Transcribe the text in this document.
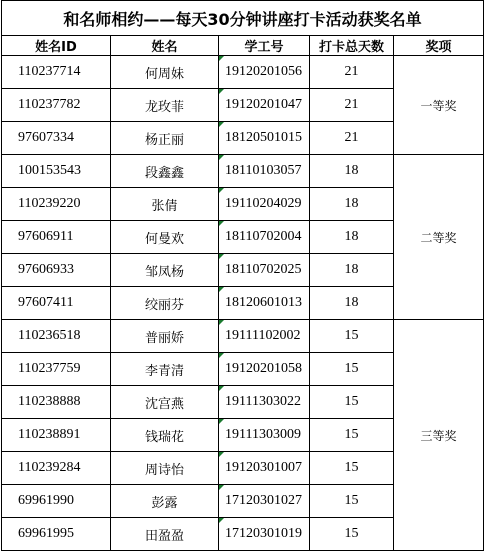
和名师相约——每天30分钟讲座打卡活动获奖名单				
姓名ID	姓名	学工号	打卡总天数	奖项
110237714	何周妹	19120201056	21	一等奖
110237782	龙玫菲	19120201047	21	
97607334	杨正丽	18120501015	21	
100153543	段鑫鑫	18110103057	18	二等奖
110239220	张倩	19110204029	18	
97606911	何曼欢	18110702004	18	
97606933	邹凤杨	18110702025	18	
97607411	绞丽芬	18120601013	18	
110236518	普丽娇	19111102002	15	三等奖
110237759	李青清	19120201058	15	
110238888	沈宫燕	19111303022	15	
110238891	钱瑞花	19111303009	15	
110239284	周诗怡	19120301007	15	
69961990	彭露	17120301027	15	
69961995	田盈盈	17120301019	15	
